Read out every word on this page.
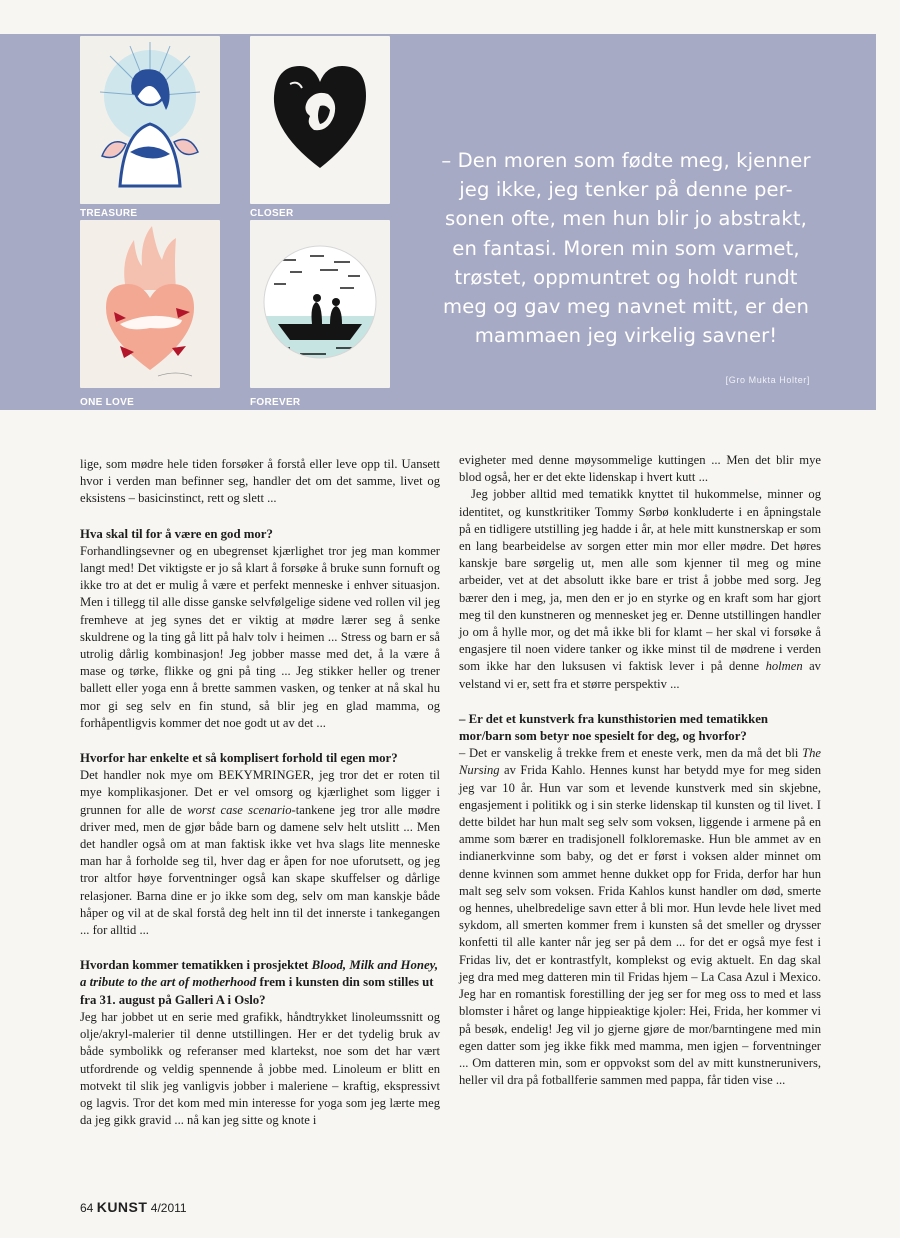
TREASURE	CLOSER
ONE LOVE	FOREVER
– Den moren som fødte meg, kjenner
jeg ikke, jeg tenker på denne per-
sonen ofte, men hun blir jo abstrakt,
en fantasi. Moren min som varmet,
trøstet, oppmuntret og holdt rundt
meg og gav meg navnet mitt, er den
mammaen jeg virkelig savner!
[Gro Mukta Holter]

lige, som mødre hele tiden forsøker å forstå eller leve opp til. Uansett hvor i verden man befinner seg, handler det om det samme, livet og eksistens – basicinstinct, rett og slett ...

Hva skal til for å være en god mor?

Forhandlingsevner og en ubegrenset kjærlighet tror jeg man kommer langt med! Det viktigste er jo så klart å forsøke å bruke sunn fornuft og ikke tro at det er mulig å være et perfekt menneske i enhver situasjon. Men i tillegg til alle disse ganske selvfølgelige sidene ved rollen vil jeg fremheve at jeg synes det er viktig at mødre lærer seg å senke skuldrene og la ting gå litt på halv tolv i heimen ... Stress og barn er så utrolig dårlig kombinasjon! Jeg jobber masse med det, å la være å mase og tørke, flikke og gni på ting ... Jeg stikker heller og trener ballett eller yoga enn å brette sammen vasken, og tenker at nå skal hu mor gi seg selv en fin stund, så blir jeg en glad mamma, og forhåpentligvis kommer det noe godt ut av det ...

Hvorfor har enkelte et så komplisert forhold til egen mor?

Det handler nok mye om BEKYMRINGER, jeg tror det er roten til mye komplikasjoner. Det er vel omsorg og kjærlighet som ligger i grunnen for alle de worst case scenario-tankene jeg tror alle mødre driver med, men de gjør både barn og damene selv helt utslitt ... Men det handler også om at man faktisk ikke vet hva slags lite menneske man har å forholde seg til, hver dag er åpen for noe uforutsett, og jeg tror altfor høye forventninger også kan skape skuffelser og dårlige relasjoner. Barna dine er jo ikke som deg, selv om man kanskje både håper og vil at de skal forstå deg helt inn til det innerste i tankegangen ... for alltid ...

Hvordan kommer tematikken i prosjektet Blood, Milk and Honey, a tribute to the art of motherhood frem i kunsten din som stilles ut fra 31. august på Galleri A i Oslo?

Jeg har jobbet ut en serie med grafikk, håndtrykket linoleumssnitt og olje/akryl-malerier til denne utstillingen. Her er det tydelig bruk av både symbolikk og referanser med klartekst, noe som det har vært utfordrende og veldig spennende å jobbe med. Linoleum er blitt en motvekt til slik jeg vanligvis jobber i maleriene – kraftig, ekspressivt og lagvis. Tror det kom med min interesse for yoga som jeg lærte meg da jeg gikk gravid ... nå kan jeg sitte og knote i

evigheter med denne møysommelige kuttingen ... Men det blir mye blod også, her er det ekte lidenskap i hvert kutt ...

Jeg jobber alltid med tematikk knyttet til hukommelse, minner og identitet, og kunstkritiker Tommy Sørbø konkluderte i en åpningstale på en tidligere utstilling jeg hadde i år, at hele mitt kunstnerskap er som en lang bearbeidelse av sorgen etter min mor eller mødre. Det høres kanskje bare sørgelig ut, men alle som kjenner til meg og mine arbeider, vet at det absolutt ikke bare er trist å jobbe med sorg. Jeg bærer den i meg, ja, men den er jo en styrke og en kraft som har gjort meg til den kunstneren og mennesket jeg er. Denne utstillingen handler jo om å hylle mor, og det må ikke bli for klamt – her skal vi forsøke å engasjere til noen videre tanker og ikke minst til de mødrene i verden som ikke har den luksusen vi faktisk lever i på denne holmen av velstand vi er, sett fra et større perspektiv ...

– Er det et kunstverk fra kunsthistorien med tematikken mor/barn som betyr noe spesielt for deg, og hvorfor?

– Det er vanskelig å trekke frem et eneste verk, men da må det bli The Nursing av Frida Kahlo. Hennes kunst har betydd mye for meg siden jeg var 10 år. Hun var som et levende kunstverk med sin skjebne, engasjement i politikk og i sin sterke lidenskap til kunsten og til livet. I dette bildet har hun malt seg selv som voksen, liggende i armene på en amme som bærer en tradisjonell folkloremaske. Hun ble ammet av en indianerkvinne som baby, og det er først i voksen alder minnet om denne kvinnen som ammet henne dukket opp for Frida, derfor har hun malt seg selv som voksen. Frida Kahlos kunst handler om død, smerte og hennes, uhelbredelige savn etter å bli mor. Hun levde hele livet med sykdom, all smerten kommer frem i kunsten så det smeller og drysser konfetti til alle kanter når jeg ser på dem ... for det er også mye fest i Fridas liv, det er kontrastfylt, komplekst og evig aktuelt. En dag skal jeg dra med meg datteren min til Fridas hjem – La Casa Azul i Mexico. Jeg har en romantisk forestilling der jeg ser for meg oss to med et lass blomster i håret og lange hippieaktige kjoler: Hei, Frida, her kommer vi på besøk, endelig! Jeg vil jo gjerne gjøre de mor/barntingene med min egen datter som jeg ikke fikk med mamma, men igjen – forventninger ... Om datteren min, som er oppvokst som del av mitt kunstnerunivers, heller vil dra på fotballferie sammen med pappa, får tiden vise ...

64 KUNST 4/2011
